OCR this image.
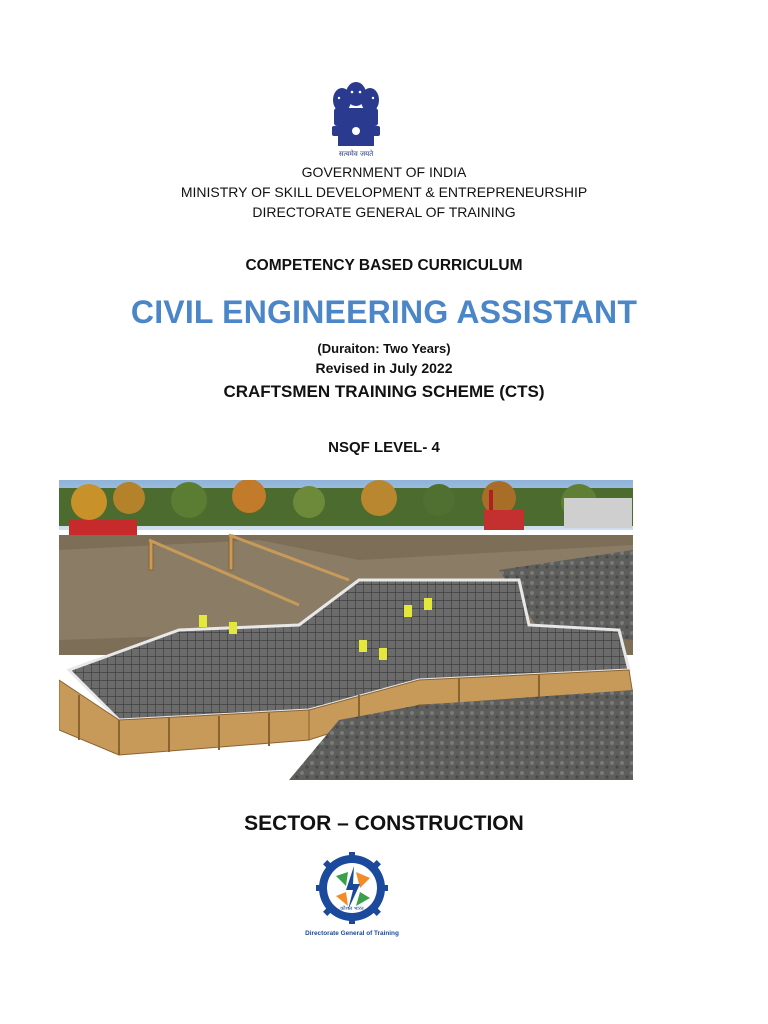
सत्यमेव जयते
GOVERNMENT OF INDIA
MINISTRY OF SKILL DEVELOPMENT & ENTREPRENEURSHIP
DIRECTORATE GENERAL OF TRAINING
COMPETENCY BASED CURRICULUM
CIVIL ENGINEERING ASSISTANT
(Duraiton: Two Years)
Revised in July 2022
CRAFTSMEN TRAINING SCHEME (CTS)
NSQF LEVEL- 4
SECTOR – CONSTRUCTION
कौशल भारत
Directorate General of Training
